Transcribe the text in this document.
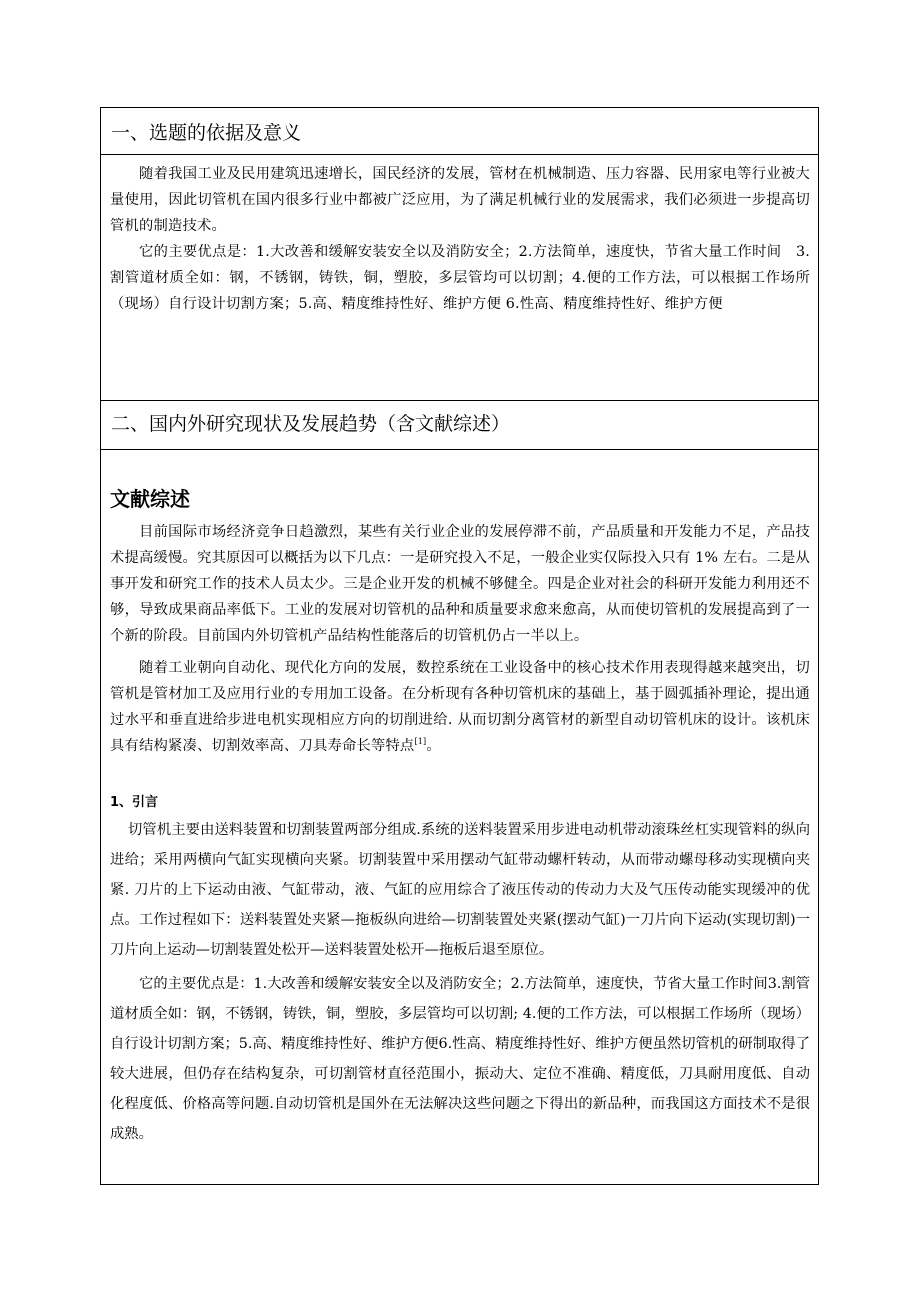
一、选题的依据及意义

随着我国工业及民用建筑迅速增长，国民经济的发展，管材在机械制造、压力容器、民用家电等行业被大量使用，因此切管机在国内很多行业中都被广泛应用，为了满足机械行业的发展需求，我们必须进一步提高切管机的制造技术。

它的主要优点是：1.大改善和缓解安装安全以及消防安全；2.方法简单，速度快，节省大量工作时间　3.割管道材质全如：钢，不锈钢，铸铁，铜，塑胶，多层管均可以切割；4.便的工作方法，可以根据工作场所（现场）自行设计切割方案；5.高、精度维持性好、维护方便 6.性高、精度维持性好、维护方便

二、国内外研究现状及发展趋势（含文献综述）
文献综述

目前国际市场经济竞争日趋激烈，某些有关行业企业的发展停滞不前，产品质量和开发能力不足，产品技术提高缓慢。究其原因可以概括为以下几点：一是研究投入不足，一般企业实仅际投入只有 1% 左右。二是从事开发和研究工作的技术人员太少。三是企业开发的机械不够健全。四是企业对社会的科研开发能力利用还不够，导致成果商品率低下。工业的发展对切管机的品种和质量要求愈来愈高，从而使切管机的发展提高到了一个新的阶段。目前国内外切管机产品结构性能落后的切管机仍占一半以上。

随着工业朝向自动化、现代化方向的发展，数控系统在工业设备中的核心技术作用表现得越来越突出，切管机是管材加工及应用行业的专用加工设备。在分析现有各种切管机床的基础上，基于圆弧插补理论，提出通过水平和垂直进给步进电机实现相应方向的切削进给. 从而切割分离管材的新型自动切管机床的设计。该机床具有结构紧凑、切割效率高、刀具寿命长等特点[1]。

1、引言

切管机主要由送料装置和切割装置两部分组成.系统的送料装置采用步进电动机带动滚珠丝杠实现管料的纵向进给；采用两横向气缸实现横向夹紧。切割装置中采用摆动气缸带动螺杆转动，从而带动螺母移动实现横向夹紧. 刀片的上下运动由液、气缸带动，液、气缸的应用综合了液压传动的传动力大及气压传动能实现缓冲的优点。工作过程如下：送料装置处夹紧—拖板纵向进给—切割装置处夹紧(摆动气缸)一刀片向下运动(实现切割)一刀片向上运动—切割装置处松开—送料装置处松开—拖板后退至原位。

它的主要优点是：1.大改善和缓解安装安全以及消防安全；2.方法简单，速度快，节省大量工作时间3.割管道材质全如：钢，不锈钢，铸铁，铜，塑胶，多层管均可以切割; 4.便的工作方法，可以根据工作场所（现场）自行设计切割方案；5.高、精度维持性好、维护方便6.性高、精度维持性好、维护方便虽然切管机的研制取得了较大进展，但仍存在结构复杂，可切割管材直径范围小，振动大、定位不准确、精度低，刀具耐用度低、自动化程度低、价格高等问题.自动切管机是国外在无法解决这些问题之下得出的新品种，而我国这方面技术不是很成熟。
